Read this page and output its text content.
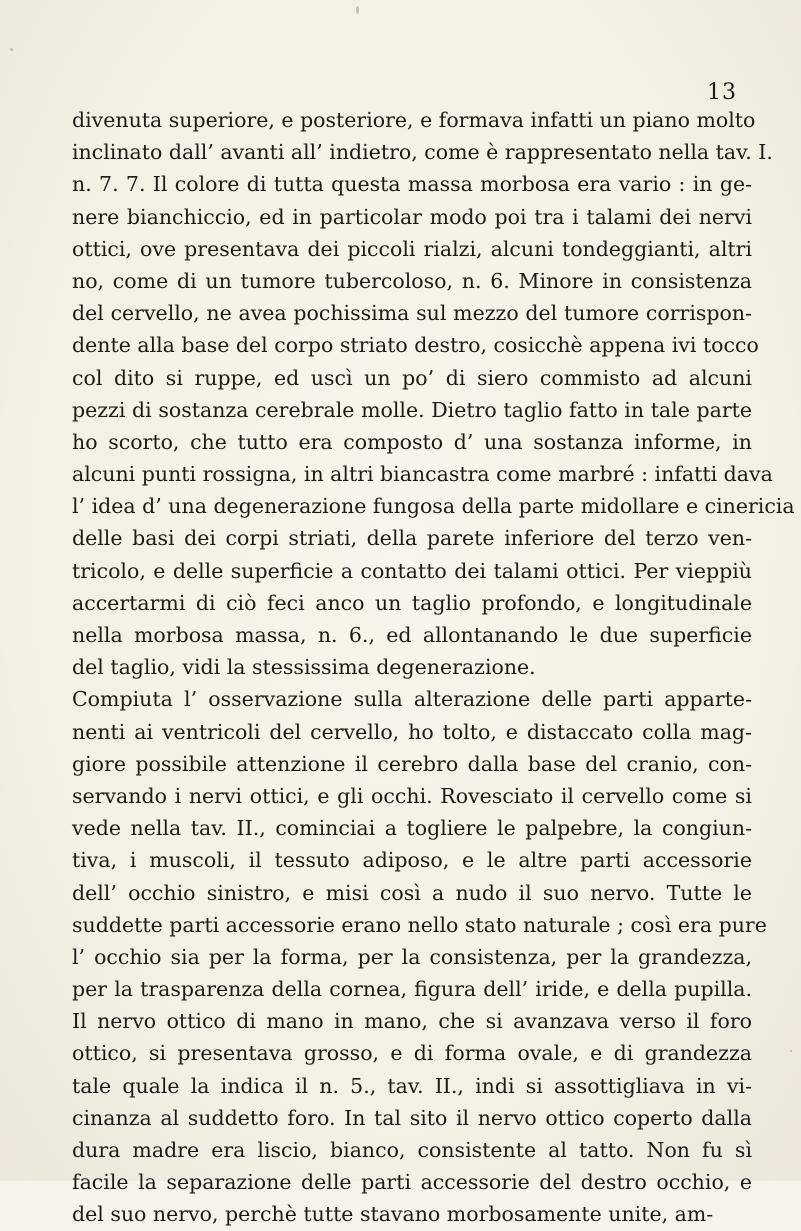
13
divenuta superiore, e posteriore, e formava infatti un piano molto
inclinato dall’ avanti all’ indietro, come è rappresentato nella tav. I.
n. 7. 7. Il colore di tutta questa massa morbosa era vario : in ge-
nere bianchiccio, ed in particolar modo poi tra i talami dei nervi
ottici, ove presentava dei piccoli rialzi, alcuni tondeggianti, altri
no, come di un tumore tubercoloso, n. 6. Minore in consistenza
del cervello, ne avea pochissima sul mezzo del tumore corrispon-
dente alla base del corpo striato destro, cosicchè appena ivi tocco
col dito si ruppe, ed uscì un po’ di siero commisto ad alcuni
pezzi di sostanza cerebrale molle. Dietro taglio fatto in tale parte
ho scorto, che tutto era composto d’ una sostanza informe, in
alcuni punti rossigna, in altri biancastra come marbré : infatti dava
l’ idea d’ una degenerazione fungosa della parte midollare e cinericia
delle basi dei corpi striati, della parete inferiore del terzo ven-
tricolo, e delle superficie a contatto dei talami ottici. Per vieppiù
accertarmi di ciò feci anco un taglio profondo, e longitudinale
nella morbosa massa, n. 6., ed allontanando le due superficie
del taglio, vidi la stessissima degenerazione.
Compiuta l’ osservazione sulla alterazione delle parti apparte-
nenti ai ventricoli del cervello, ho tolto, e distaccato colla mag-
giore possibile attenzione il cerebro dalla base del cranio, con-
servando i nervi ottici, e gli occhi. Rovesciato il cervello come si
vede nella tav. II., cominciai a togliere le palpebre, la congiun-
tiva, i muscoli, il tessuto adiposo, e le altre parti accessorie
dell’ occhio sinistro, e misi così a nudo il suo nervo. Tutte le
suddette parti accessorie erano nello stato naturale ; così era pure
l’ occhio sia per la forma, per la consistenza, per la grandezza,
per la trasparenza della cornea, figura dell’ iride, e della pupilla.
Il nervo ottico di mano in mano, che si avanzava verso il foro
ottico, si presentava grosso, e di forma ovale, e di grandezza
tale quale la indica il n. 5., tav. II., indi si assottigliava in vi-
cinanza al suddetto foro. In tal sito il nervo ottico coperto dalla
dura madre era liscio, bianco, consistente al tatto. Non fu sì
facile la separazione delle parti accessorie del destro occhio, e
del suo nervo, perchè tutte stavano morbosamente unite, am-
